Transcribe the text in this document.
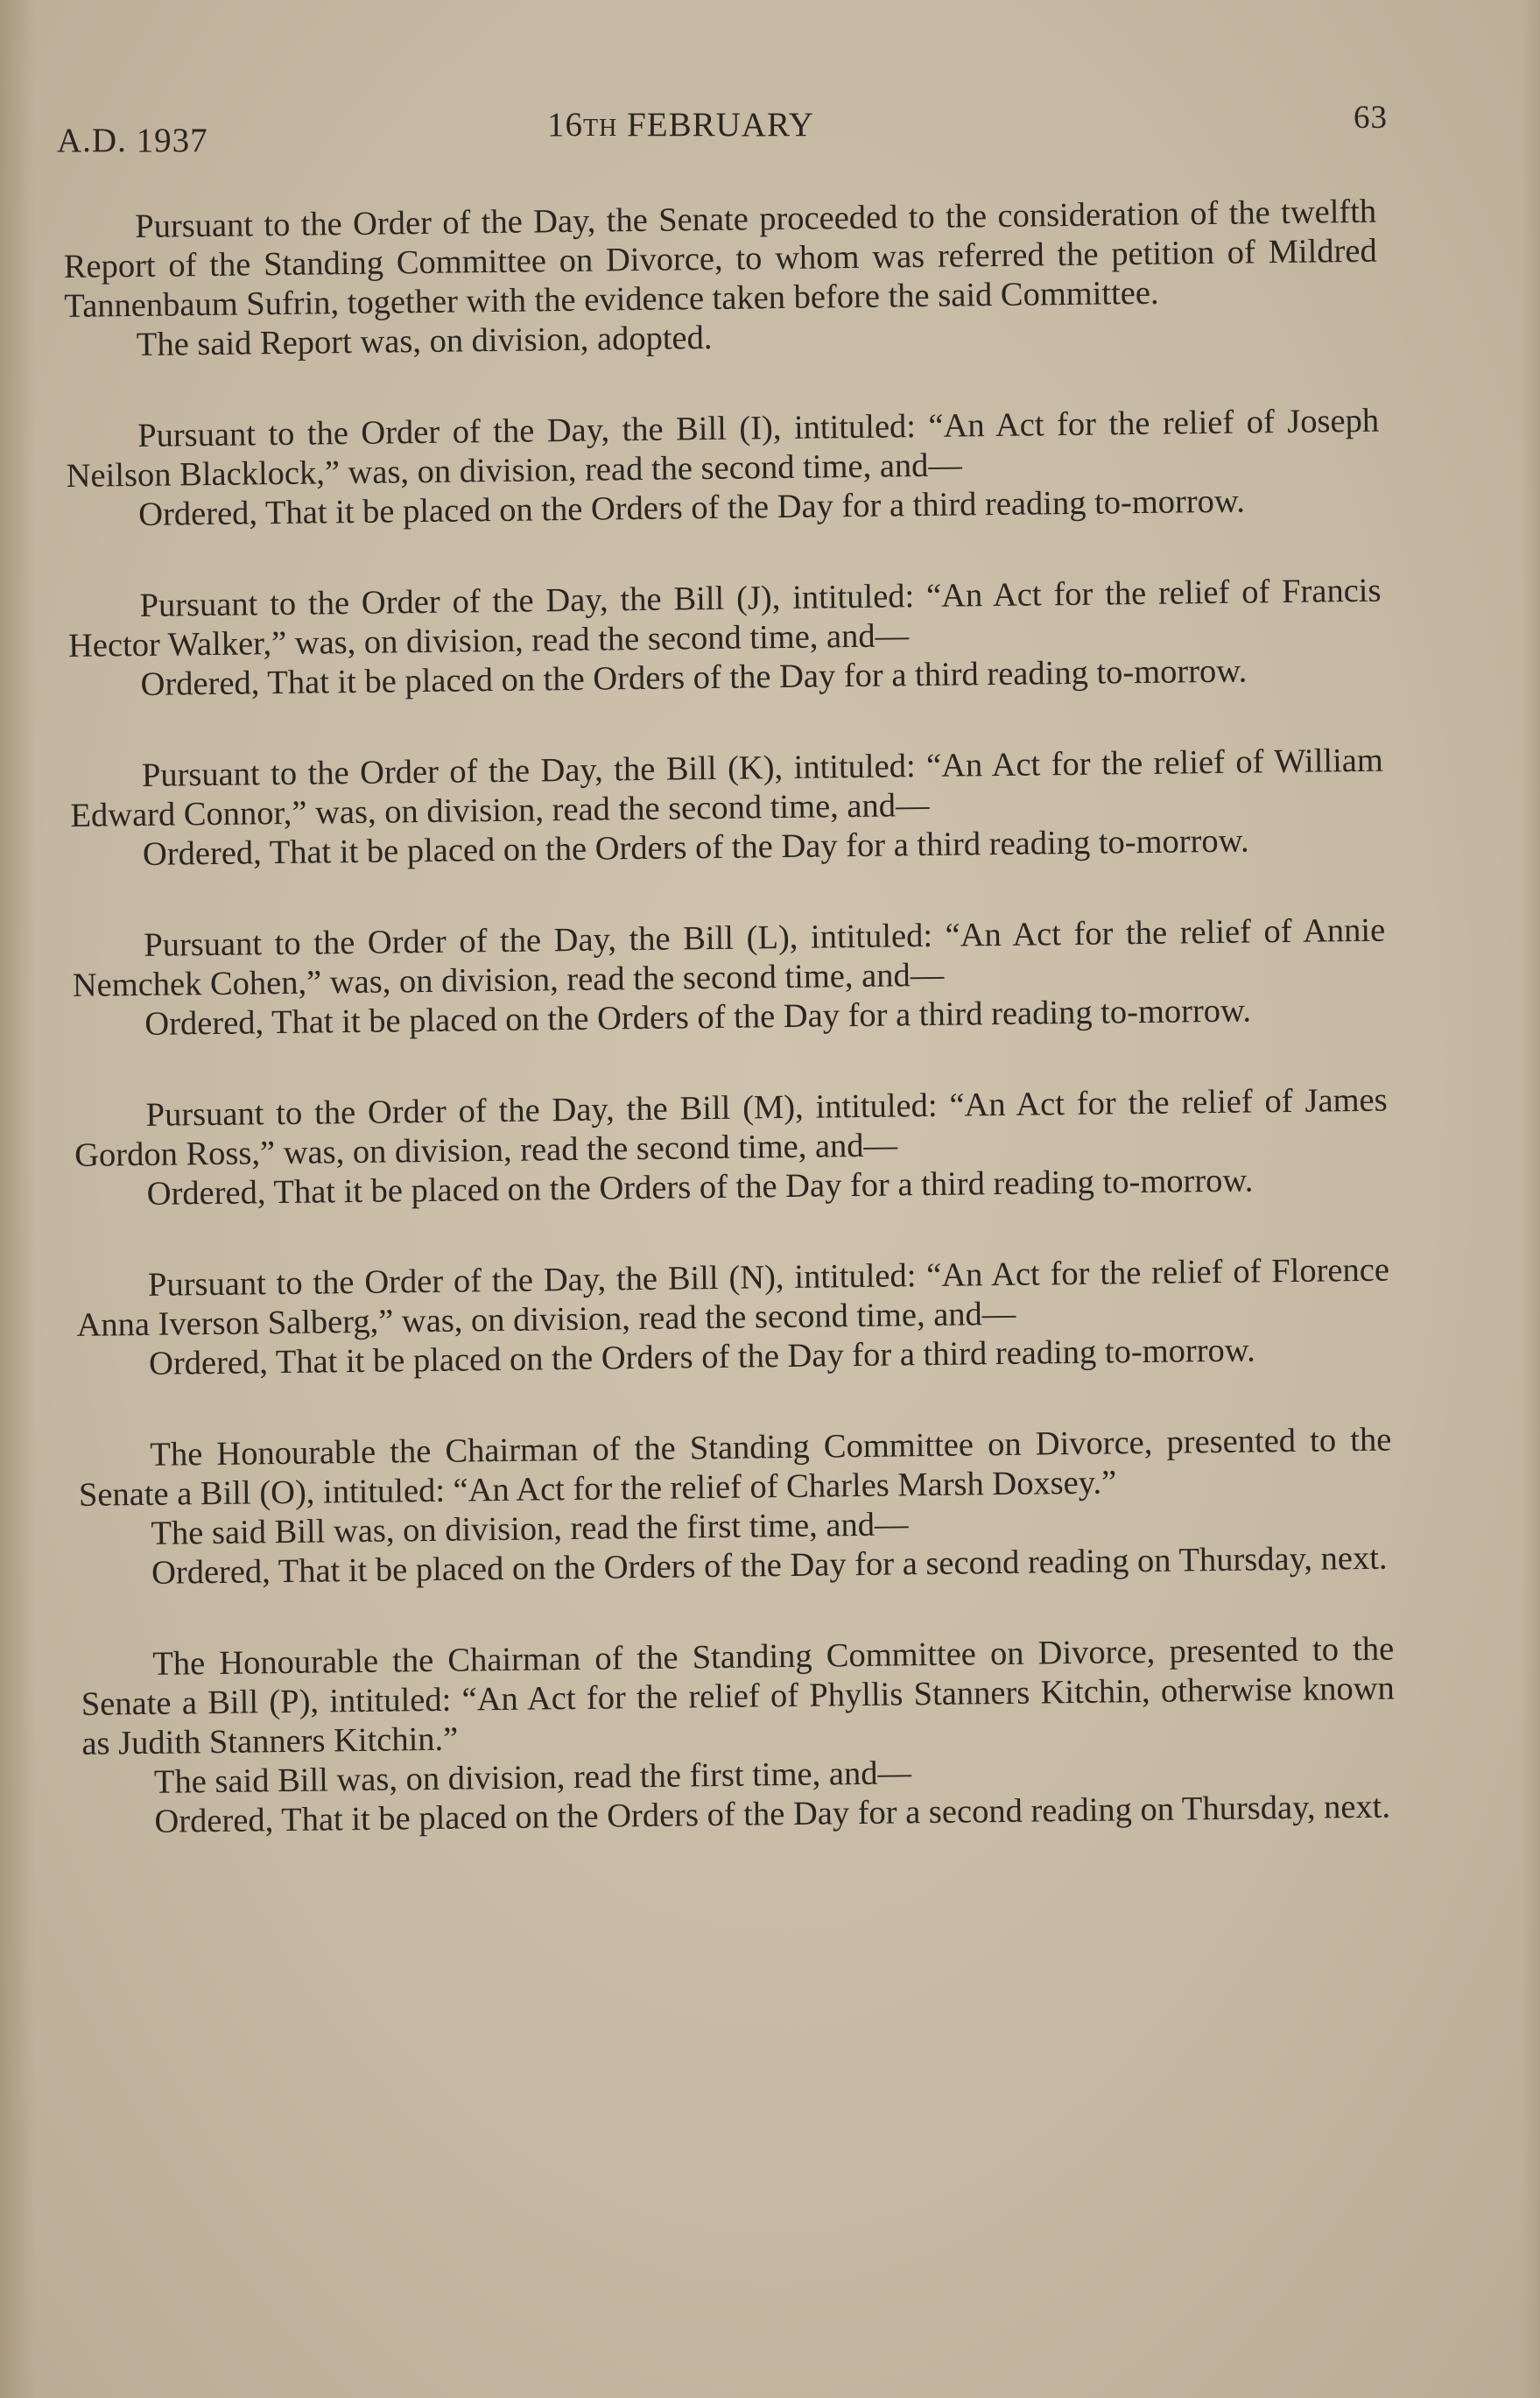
A.D. 1937	16TH FEBRUARY	63

Pursuant to the Order of the Day, the Senate proceeded to the consideration of the twelfth Report of the Standing Committee on Divorce, to whom was referred the petition of Mildred Tannenbaum Sufrin, together with the evidence taken before the said Committee.

The said Report was, on division, adopted.

Pursuant to the Order of the Day, the Bill (I), intituled: “An Act for the relief of Joseph Neilson Blacklock,” was, on division, read the second time, and—

Ordered, That it be placed on the Orders of the Day for a third reading to-morrow.

Pursuant to the Order of the Day, the Bill (J), intituled: “An Act for the relief of Francis Hector Walker,” was, on division, read the second time, and—

Ordered, That it be placed on the Orders of the Day for a third reading to-morrow.

Pursuant to the Order of the Day, the Bill (K), intituled: “An Act for the relief of William Edward Connor,” was, on division, read the second time, and—

Ordered, That it be placed on the Orders of the Day for a third reading to-morrow.

Pursuant to the Order of the Day, the Bill (L), intituled: “An Act for the relief of Annie Nemchek Cohen,” was, on division, read the second time, and—

Ordered, That it be placed on the Orders of the Day for a third reading to-morrow.

Pursuant to the Order of the Day, the Bill (M), intituled: “An Act for the relief of James Gordon Ross,” was, on division, read the second time, and—

Ordered, That it be placed on the Orders of the Day for a third reading to-morrow.

Pursuant to the Order of the Day, the Bill (N), intituled: “An Act for the relief of Florence Anna Iverson Salberg,” was, on division, read the second time, and—

Ordered, That it be placed on the Orders of the Day for a third reading to-morrow.

The Honourable the Chairman of the Standing Committee on Divorce, presented to the Senate a Bill (O), intituled: “An Act for the relief of Charles Marsh Doxsey.”

The said Bill was, on division, read the first time, and—

Ordered, That it be placed on the Orders of the Day for a second reading on Thursday, next.

The Honourable the Chairman of the Standing Committee on Divorce, presented to the Senate a Bill (P), intituled: “An Act for the relief of Phyllis Stanners Kitchin, otherwise known as Judith Stanners Kitchin.”

The said Bill was, on division, read the first time, and—

Ordered, That it be placed on the Orders of the Day for a second reading on Thursday, next.
